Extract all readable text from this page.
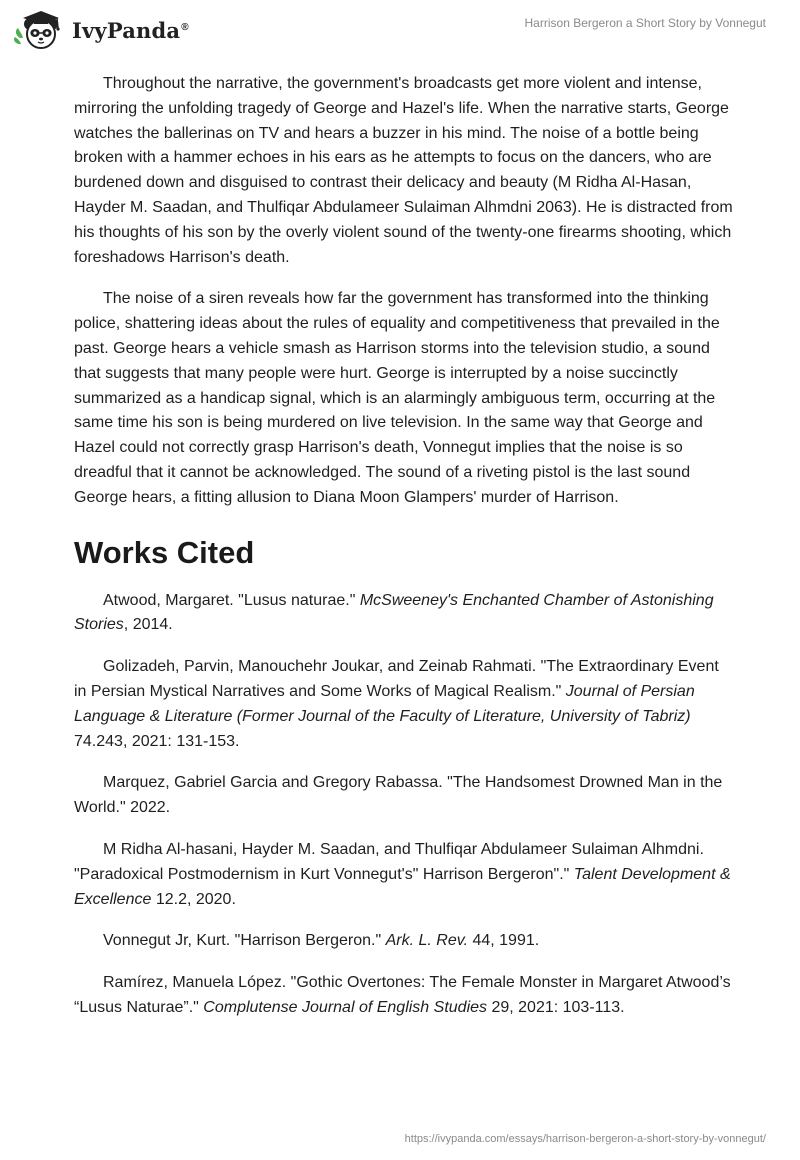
IvyPanda®	Harrison Bergeron a Short Story by Vonnegut

Throughout the narrative, the government's broadcasts get more violent and intense, mirroring the unfolding tragedy of George and Hazel's life. When the narrative starts, George watches the ballerinas on TV and hears a buzzer in his mind. The noise of a bottle being broken with a hammer echoes in his ears as he attempts to focus on the dancers, who are burdened down and disguised to contrast their delicacy and beauty (M Ridha Al-Hasan, Hayder M. Saadan, and Thulfiqar Abdulameer Sulaiman Alhmdni 2063). He is distracted from his thoughts of his son by the overly violent sound of the twenty-one firearms shooting, which foreshadows Harrison's death.

The noise of a siren reveals how far the government has transformed into the thinking police, shattering ideas about the rules of equality and competitiveness that prevailed in the past. George hears a vehicle smash as Harrison storms into the television studio, a sound that suggests that many people were hurt. George is interrupted by a noise succinctly summarized as a handicap signal, which is an alarmingly ambiguous term, occurring at the same time his son is being murdered on live television. In the same way that George and Hazel could not correctly grasp Harrison's death, Vonnegut implies that the noise is so dreadful that it cannot be acknowledged. The sound of a riveting pistol is the last sound George hears, a fitting allusion to Diana Moon Glampers' murder of Harrison.

Works Cited

Atwood, Margaret. "Lusus naturae." McSweeney's Enchanted Chamber of Astonishing Stories, 2014.

Golizadeh, Parvin, Manouchehr Joukar, and Zeinab Rahmati. "The Extraordinary Event in Persian Mystical Narratives and Some Works of Magical Realism." Journal of Persian Language & Literature (Former Journal of the Faculty of Literature, University of Tabriz) 74.243, 2021: 131-153.

Marquez, Gabriel Garcia and Gregory Rabassa. "The Handsomest Drowned Man in the World." 2022.

M Ridha Al-hasani, Hayder M. Saadan, and Thulfiqar Abdulameer Sulaiman Alhmdni. "Paradoxical Postmodernism in Kurt Vonnegut's" Harrison Bergeron"." Talent Development & Excellence 12.2, 2020.

Vonnegut Jr, Kurt. "Harrison Bergeron." Ark. L. Rev. 44, 1991.

Ramírez, Manuela López. "Gothic Overtones: The Female Monster in Margaret Atwood’s “Lusus Naturae”." Complutense Journal of English Studies 29, 2021: 103-113.

https://ivypanda.com/essays/harrison-bergeron-a-short-story-by-vonnegut/
